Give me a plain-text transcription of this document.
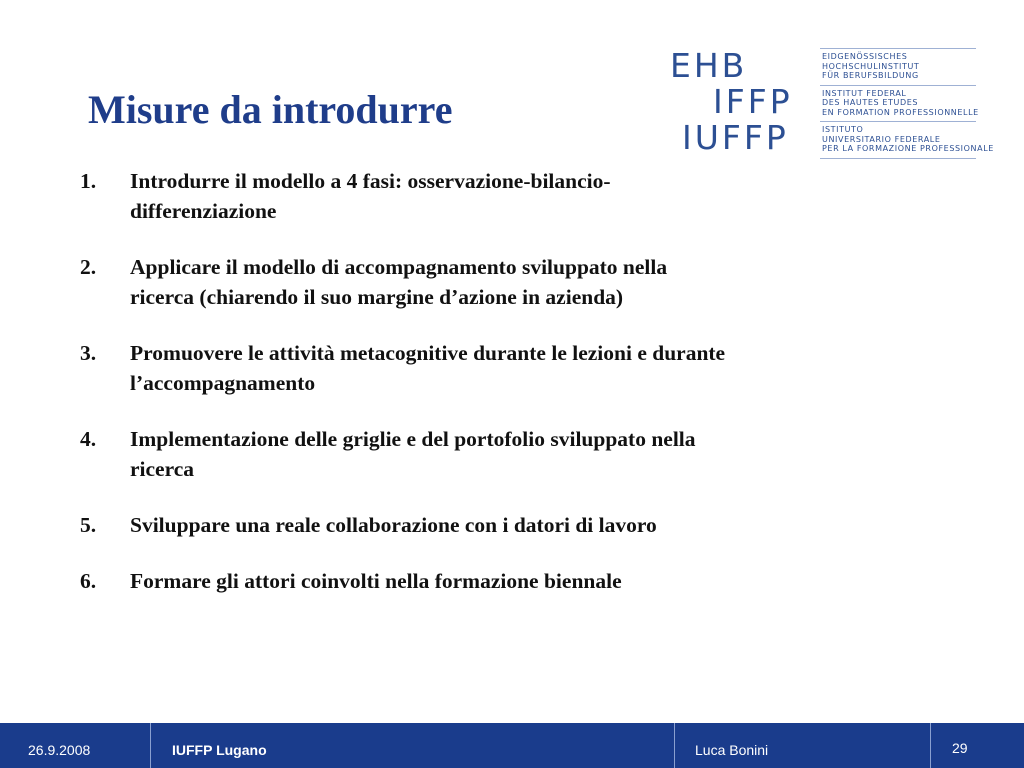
Misure da introdurre
EHB
IFFP
IUFFP
EIDGENÖSSISCHES
HOCHSCHULINSTITUT
FÜR BERUFSBILDUNG
INSTITUT FEDERAL
DES HAUTES ETUDES
EN FORMATION PROFESSIONNELLE
ISTITUTO
UNIVERSITARIO FEDERALE
PER LA FORMAZIONE PROFESSIONALE
1. Introdurre il modello a 4 fasi: osservazione-bilancio-
differenziazione
2. Applicare il modello di accompagnamento sviluppato nella
ricerca (chiarendo il suo margine d’azione in azienda)
3. Promuovere le attività metacognitive durante le lezioni e durante
l’accompagnamento
4. Implementazione delle griglie e del portofolio sviluppato nella
ricerca
5. Sviluppare una reale collaborazione con i datori di lavoro
6. Formare gli attori coinvolti nella formazione biennale
26.9.2008	IUFFP Lugano	Luca Bonini	29
